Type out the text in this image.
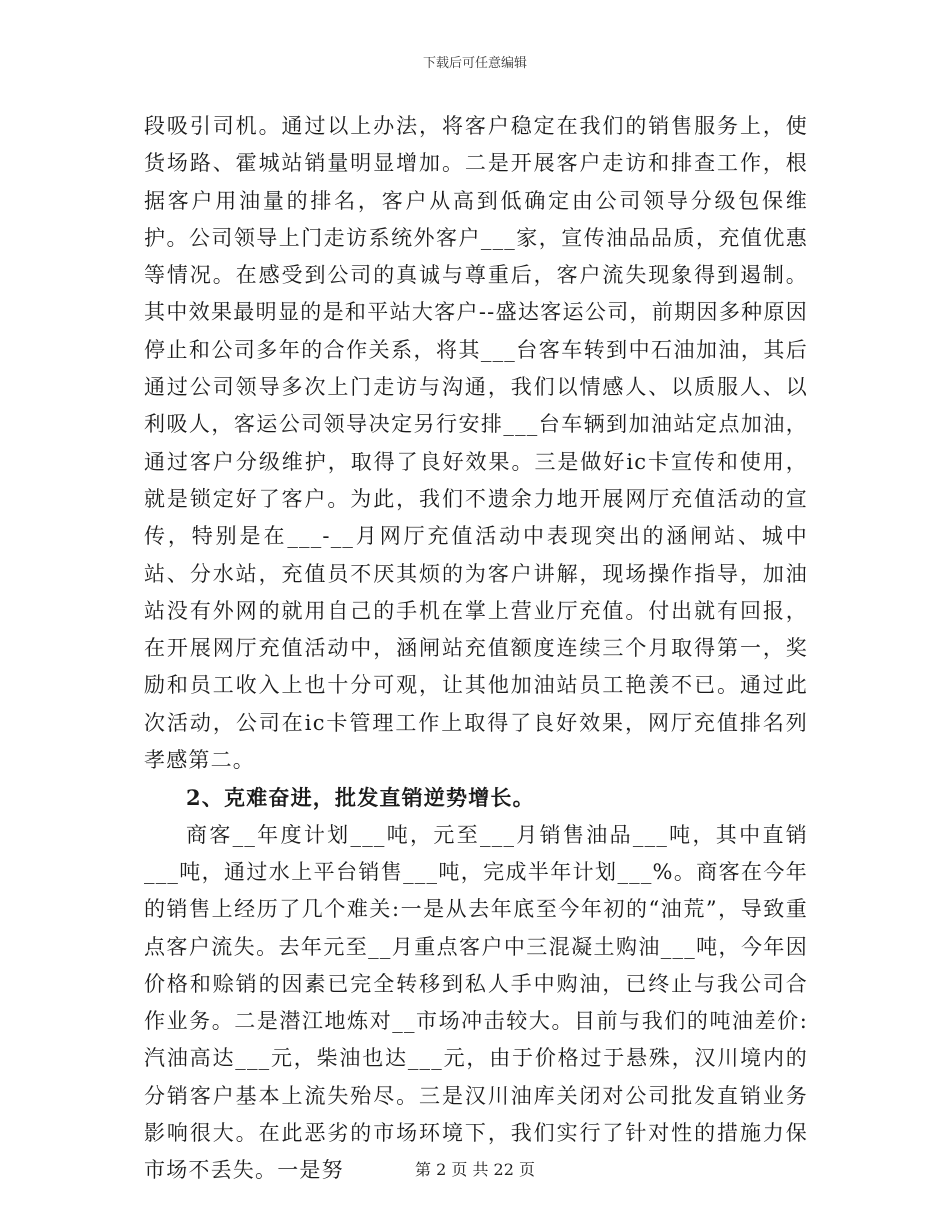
下载后可任意编辑

段吸引司机。通过以上办法，将客户稳定在我们的销售服务上，使货场路、霍城站销量明显增加。二是开展客户走访和排查工作，根据客户用油量的排名，客户从高到低确定由公司领导分级包保维护。公司领导上门走访系统外客户___家，宣传油品品质，充值优惠等情况。在感受到公司的真诚与尊重后，客户流失现象得到遏制。其中效果最明显的是和平站大客户--盛达客运公司，前期因多种原因停止和公司多年的合作关系，将其___台客车转到中石油加油，其后通过公司领导多次上门走访与沟通，我们以情感人、以质服人、以利吸人，客运公司领导决定另行安排___台车辆到加油站定点加油，通过客户分级维护，取得了良好效果。三是做好ic卡宣传和使用，就是锁定好了客户。为此，我们不遗余力地开展网厅充值活动的宣传，特别是在___-__月网厅充值活动中表现突出的涵闸站、城中站、分水站，充值员不厌其烦的为客户讲解，现场操作指导，加油站没有外网的就用自己的手机在掌上营业厅充值。付出就有回报，在开展网厅充值活动中，涵闸站充值额度连续三个月取得第一，奖励和员工收入上也十分可观，让其他加油站员工艳羡不已。通过此次活动，公司在ic卡管理工作上取得了良好效果，网厅充值排名列孝感第二。

2、克难奋进，批发直销逆势增长。

商客__年度计划___吨，元至___月销售油品___吨，其中直销___吨，通过水上平台销售___吨，完成半年计划___%。商客在今年的销售上经历了几个难关:一是从去年底至今年初的“油荒”，导致重点客户流失。去年元至__月重点客户中三混凝土购油___吨，今年因价格和赊销的因素已完全转移到私人手中购油，已终止与我公司合作业务。二是潜江地炼对__市场冲击较大。目前与我们的吨油差价:汽油高达___元，柴油也达___元，由于价格过于悬殊，汉川境内的分销客户基本上流失殆尽。三是汉川油库关闭对公司批发直销业务影响很大。在此恶劣的市场环境下，我们实行了针对性的措施力保市场不丢失。一是努	第 2 页 共 22 页
